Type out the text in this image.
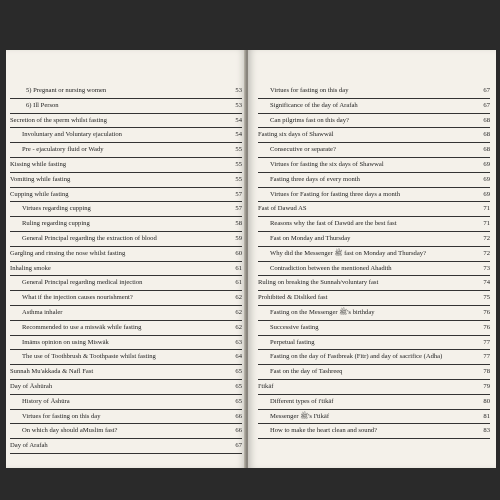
5) Pregnant or nursing women	53
6) Ill Person	53
Secretion of the sperm whilst fasting	54
Involuntary and Voluntary ejaculation	54
Pre - ejaculatory fluid or Wady	55
Kissing while fasting	55
Vomiting while fasting	55
Cupping while fasting	57
Virtues regarding cupping	57
Ruling regarding cupping	58
General Principal regarding the extraction of blood	59
Gargling and rinsing the nose whilst fasting	60
Inhaling smoke	61
General Principal regarding medical injection	61
What if the injection causes nourishment?	62
Asthma inhaler	62
Recommended to use a miswāk while fasting	62
Imāms opinion on using Miswāk	63
The use of Toothbrush & Toothpaste whilst fasting	64
Sunnah Mu'akkada & Nafl Fast	65
Day of Āshūrah	65
History of Āshūra	65
Virtues for fasting on this day	66
On which day should aMuslim fast?	66
Day of Arafah	67
Virtues for fasting on this day	67
Significance of the day of Arafah	67
Can pilgrims fast on this day?	68
Fasting six days of Shawwāl	68
Consecutive or separate?	68
Virtues for fasting the six days of Shawwal	69
Fasting three days of every month	69
Virtues for Fasting for fasting three days a month	69
Fast of Dawud AS	71
Reasons why the fast of Dawūd are the best fast	71
Fast on Monday and Thursday	72
Why did the Messenger ﷺ fast on Monday and Thursday?	72
Contradiction between the mentioned Ahadith	73
Ruling on breaking the Sunnah/voluntary fast	74
Prohibited & Disliked fast	75
Fasting on the Messenger ﷺ's birthday	76
Successive fasting	76
Perpetual fasting	77
Fasting on the day of Fastbreak (Fitr) and day of sacrifice (Adha)	77
Fast on the day of Tashreeq	78
I'tikāf	79
Different types of i'tikāf	80
Messenger ﷺ's I'tikāf	81
How to make the heart clean and sound?	83
